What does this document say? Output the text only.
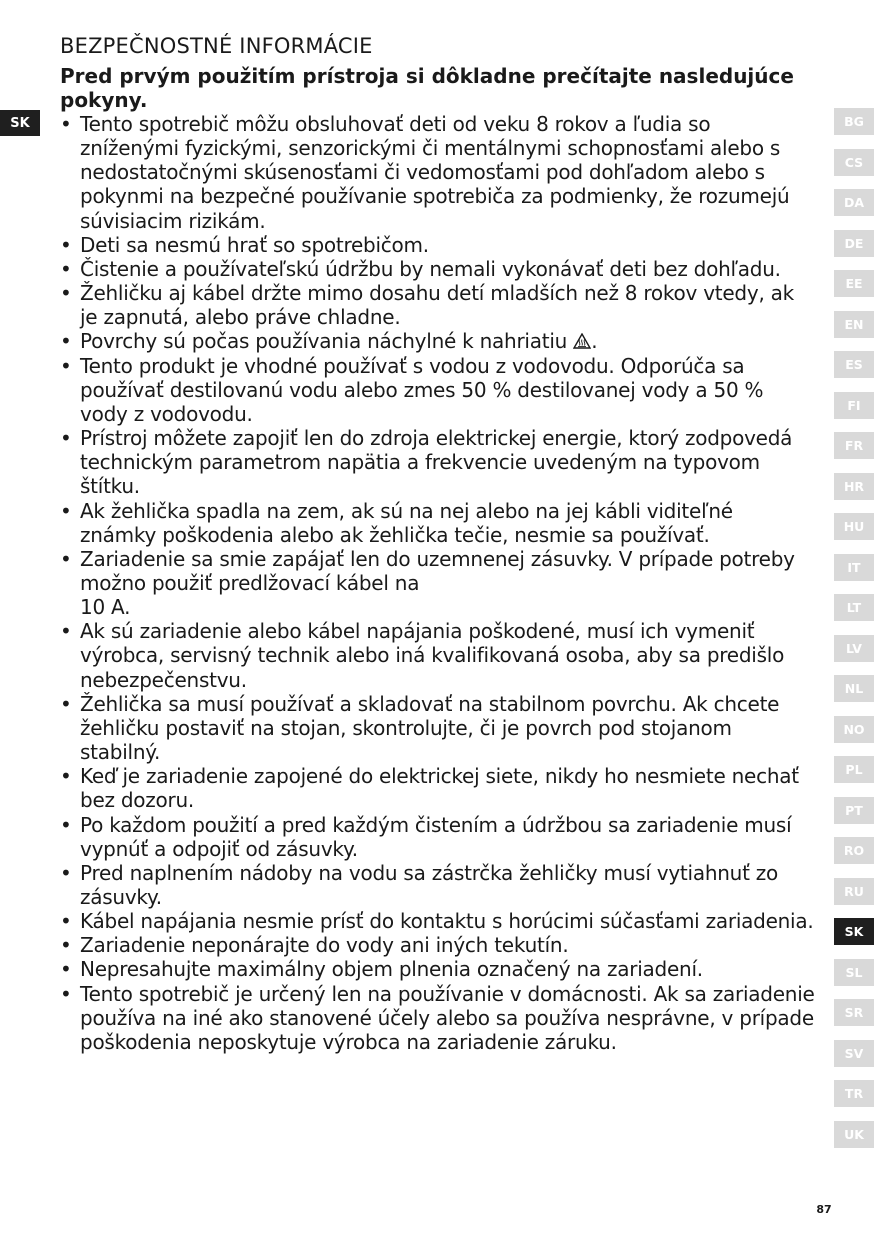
SK
BEZPEČNOSTNÉ INFORMÁCIE
Pred prvým použitím prístroja si dôkladne prečítajte nasledujúce pokyny.
• Tento spotrebič môžu obsluhovať deti od veku 8 rokov a ľudia so zníženými fyzickými, senzorickými či mentálnymi schopnosťami alebo s nedostatočnými skúsenosťami či vedomosťami pod dohľadom alebo s pokynmi na bezpečné používanie spotrebiča za podmienky, že rozumejú súvisiacim rizikám.
• Deti sa nesmú hrať so spotrebičom.
• Čistenie a používateľskú údržbu by nemali vykonávať deti bez dohľadu.
• Žehličku aj kábel držte mimo dosahu detí mladších než 8 rokov vtedy, ak je zapnutá, alebo práve chladne.
• Povrchy sú počas používania náchylné k nahriatiu .
• Tento produkt je vhodné používať s vodou z vodovodu. Odporúča sa používať destilovanú vodu alebo zmes 50 % destilovanej vody a 50 % vody z vodovodu.
• Prístroj môžete zapojiť len do zdroja elektrickej energie, ktorý zodpovedá technickým parametrom napätia a frekvencie uvedeným na typovom štítku.
• Ak žehlička spadla na zem, ak sú na nej alebo na jej kábli viditeľné známky poškodenia alebo ak žehlička tečie, nesmie sa používať.
• Zariadenie sa smie zapájať len do uzemnenej zásuvky. V prípade potreby možno použiť predlžovací kábel na
10 A.
• Ak sú zariadenie alebo kábel napájania poškodené, musí ich vymeniť výrobca, servisný technik alebo iná kvalifikovaná osoba, aby sa predišlo nebezpečenstvu.
• Žehlička sa musí používať a skladovať na stabilnom povrchu. Ak chcete žehličku postaviť na stojan, skontrolujte, či je povrch pod stojanom stabilný.
• Keď je zariadenie zapojené do elektrickej siete, nikdy ho nesmiete nechať bez dozoru.
• Po každom použití a pred každým čistením a údržbou sa zariadenie musí vypnúť a odpojiť od zásuvky.
• Pred naplnením nádoby na vodu sa zástrčka žehličky musí vytiahnuť zo zásuvky.
• Kábel napájania nesmie prísť do kontaktu s horúcimi súčasťami zariadenia.
• Zariadenie neponárajte do vody ani iných tekutín.
• Nepresahujte maximálny objem plnenia označený na zariadení.
• Tento spotrebič je určený len na používanie v domácnosti. Ak sa zariadenie používa na iné ako stanovené účely alebo sa používa nesprávne, v prípade poškodenia neposkytuje výrobca na zariadenie záruku.
BG
CS
DA
DE
EE
EN
ES
FI
FR
HR
HU
IT
LT
LV
NL
NO
PL
PT
RO
RU
SK
SL
SR
SV
TR
UK
87
